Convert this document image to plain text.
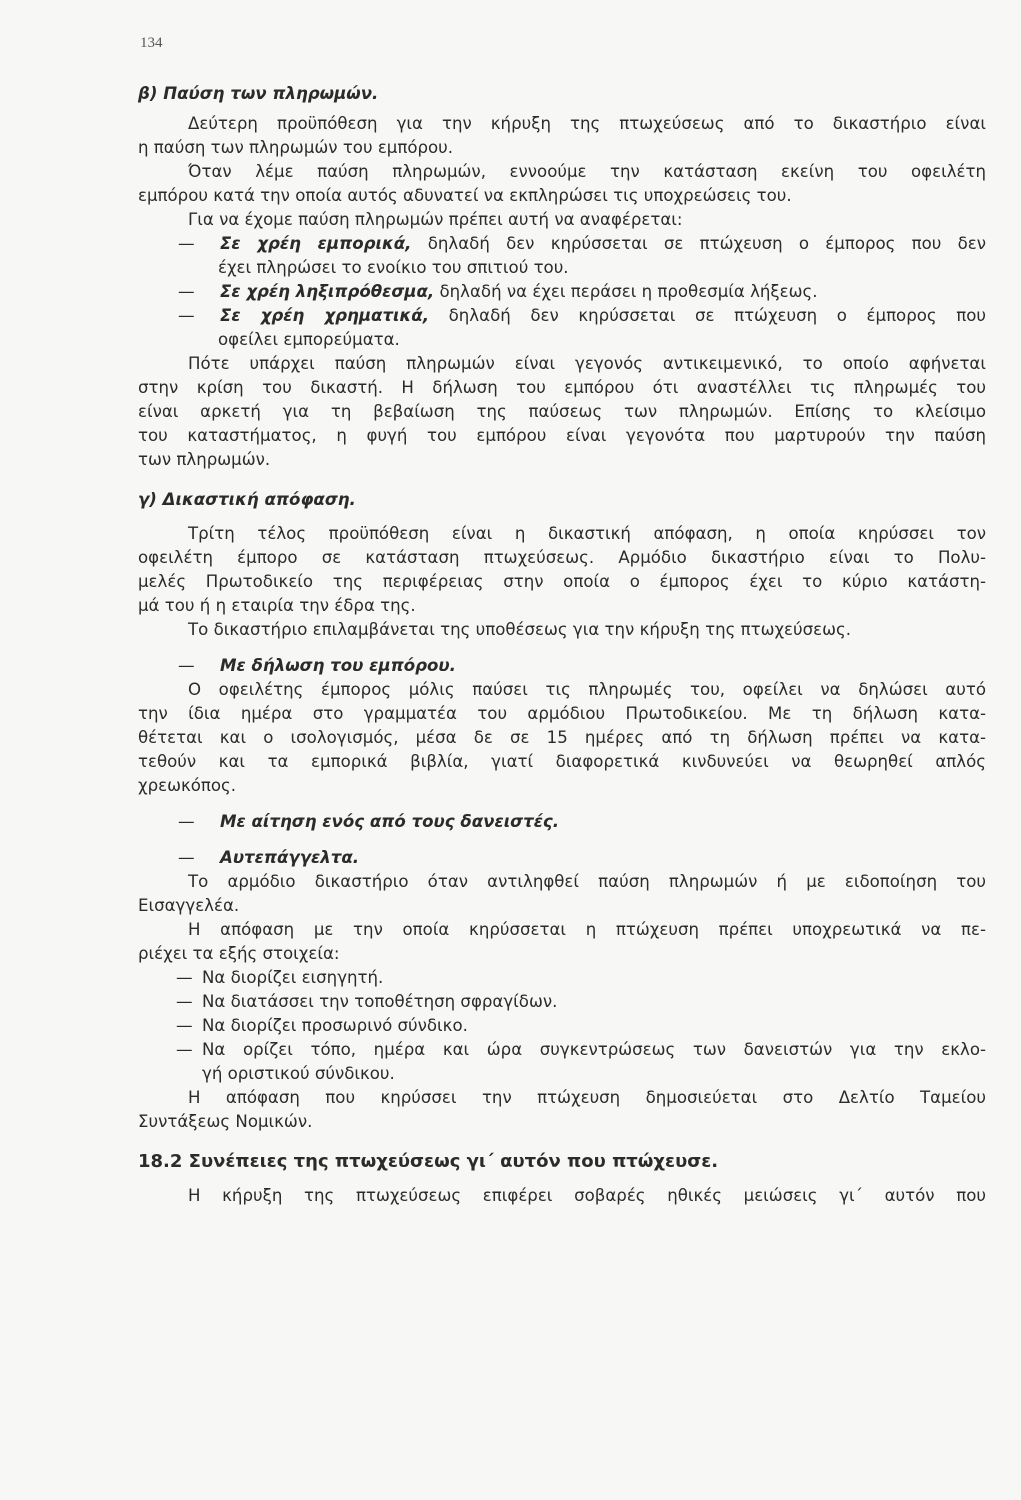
134
β) Παύση των πληρωμών.
Δεύτερη προϋπόθεση για την κήρυξη της πτωχεύσεως από το δικαστήριο είναι
η παύση των πληρωμών του εμπόρου.
Όταν λέμε παύση πληρωμών, εννοούμε την κατάσταση εκείνη του οφειλέτη
εμπόρου κατά την οποία αυτός αδυνατεί να εκπληρώσει τις υποχρεώσεις του.
Για να έχομε παύση πληρωμών πρέπει αυτή να αναφέρεται:
— Σε χρέη εμπορικά, δηλαδή δεν κηρύσσεται σε πτώχευση ο έμπορος που δεν
έχει πληρώσει το ενοίκιο του σπιτιού του.
— Σε χρέη ληξιπρόθεσμα, δηλαδή να έχει περάσει η προθεσμία λήξεως.
— Σε χρέη χρηματικά, δηλαδή δεν κηρύσσεται σε πτώχευση ο έμπορος που
οφείλει εμπορεύματα.
Πότε υπάρχει παύση πληρωμών είναι γεγονός αντικειμενικό, το οποίο αφήνεται
στην κρίση του δικαστή. Η δήλωση του εμπόρου ότι αναστέλλει τις πληρωμές του
είναι αρκετή για τη βεβαίωση της παύσεως των πληρωμών. Επίσης το κλείσιμο
του καταστήματος, η φυγή του εμπόρου είναι γεγονότα που μαρτυρούν την παύση
των πληρωμών.
γ) Δικαστική απόφαση.
Τρίτη τέλος προϋπόθεση είναι η δικαστική απόφαση, η οποία κηρύσσει τον
οφειλέτη έμπορο σε κατάσταση πτωχεύσεως. Αρμόδιο δικαστήριο είναι το Πολυ-
μελές Πρωτοδικείο της περιφέρειας στην οποία ο έμπορος έχει το κύριο κατάστη-
μά του ή η εταιρία την έδρα της.
Το δικαστήριο επιλαμβάνεται της υποθέσεως για την κήρυξη της πτωχεύσεως.
— Με δήλωση του εμπόρου.
Ο οφειλέτης έμπορος μόλις παύσει τις πληρωμές του, οφείλει να δηλώσει αυτό
την ίδια ημέρα στο γραμματέα του αρμόδιου Πρωτοδικείου. Με τη δήλωση κατα-
θέτεται και ο ισολογισμός, μέσα δε σε 15 ημέρες από τη δήλωση πρέπει να κατα-
τεθούν και τα εμπορικά βιβλία, γιατί διαφορετικά κινδυνεύει να θεωρηθεί απλός
χρεωκόπος.
— Με αίτηση ενός από τους δανειστές.
— Αυτεπάγγελτα.
Το αρμόδιο δικαστήριο όταν αντιληφθεί παύση πληρωμών ή με ειδοποίηση του
Εισαγγελέα.
Η απόφαση με την οποία κηρύσσεται η πτώχευση πρέπει υποχρεωτικά να πε-
ριέχει τα εξής στοιχεία:
— Να διορίζει εισηγητή.
— Να διατάσσει την τοποθέτηση σφραγίδων.
— Να διορίζει προσωρινό σύνδικο.
— Να ορίζει τόπο, ημέρα και ώρα συγκεντρώσεως των δανειστών για την εκλο-
γή οριστικού σύνδικου.
Η απόφαση που κηρύσσει την πτώχευση δημοσιεύεται στο Δελτίο Ταμείου
Συντάξεως Νομικών.
18.2 Συνέπειες της πτωχεύσεως γι΄ αυτόν που πτώχευσε.
Η κήρυξη της πτωχεύσεως επιφέρει σοβαρές ηθικές μειώσεις γι΄ αυτόν που
